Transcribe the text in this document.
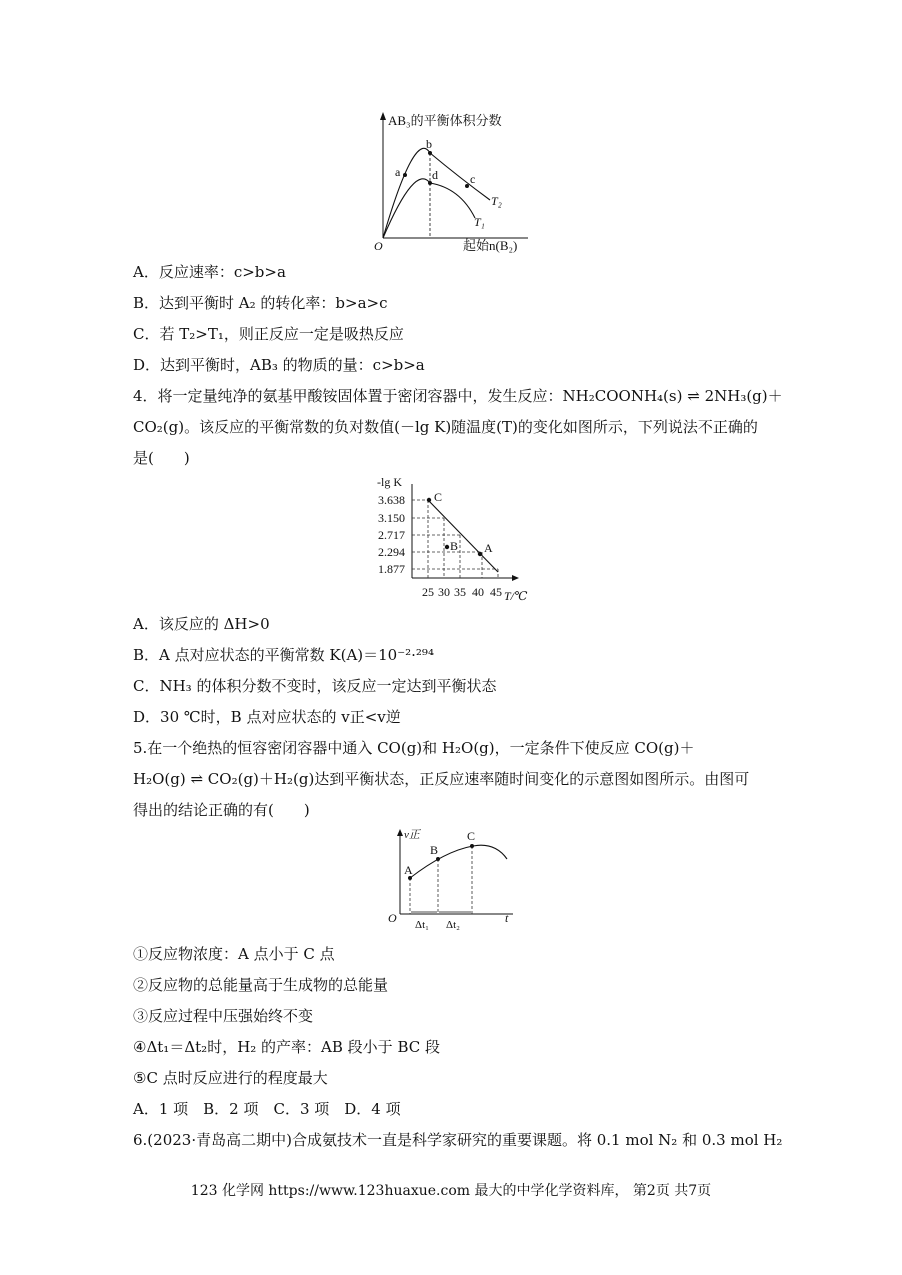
AB₃的平衡体积分数
a
b
c
d
T₂
T₁
O	起始n(B₂)
A．反应速率：c>b>a
B．达到平衡时 A₂ 的转化率：b>a>c
C．若 T₂>T₁，则正反应一定是吸热反应
D．达到平衡时，AB₃ 的物质的量：c>b>a
4．将一定量纯净的氨基甲酸铵固体置于密闭容器中，发生反应：NH₂COONH₄(s) ⇌ 2NH₃(g)＋
CO₂(g)。该反应的平衡常数的负对数值(－lg K)随温度(T)的变化如图所示，下列说法不正确的
是(　　)
-lg K
3.638
3.150
2.717
2.294
1.877
25 30 35 40 45 T/℃
C
B A
A．该反应的 ΔH>0
B．A 点对应状态的平衡常数 K(A)＝10⁻²·²⁹⁴
C．NH₃ 的体积分数不变时，该反应一定达到平衡状态
D．30 ℃时，B 点对应状态的 v正<v逆
5.在一个绝热的恒容密闭容器中通入 CO(g)和 H₂O(g)，一定条件下使反应 CO(g)＋
H₂O(g) ⇌ CO₂(g)＋H₂(g)达到平衡状态，正反应速率随时间变化的示意图如图所示。由图可
得出的结论正确的有(　　)
v正
A
B
C
O	t
Δt₁ Δt₂
①反应物浓度：A 点小于 C 点
②反应物的总能量高于生成物的总能量
③反应过程中压强始终不变
④Δt₁＝Δt₂时，H₂ 的产率：AB 段小于 BC 段
⑤C 点时反应进行的程度最大
A．1 项　B．2 项　C．3 项　D．4 项
6.(2023·青岛高二期中)合成氨技术一直是科学家研究的重要课题。将 0.1 mol N₂ 和 0.3 mol H₂
123 化学网 https://www.123huaxue.com 最大的中学化学资料库， 第2页 共7页
